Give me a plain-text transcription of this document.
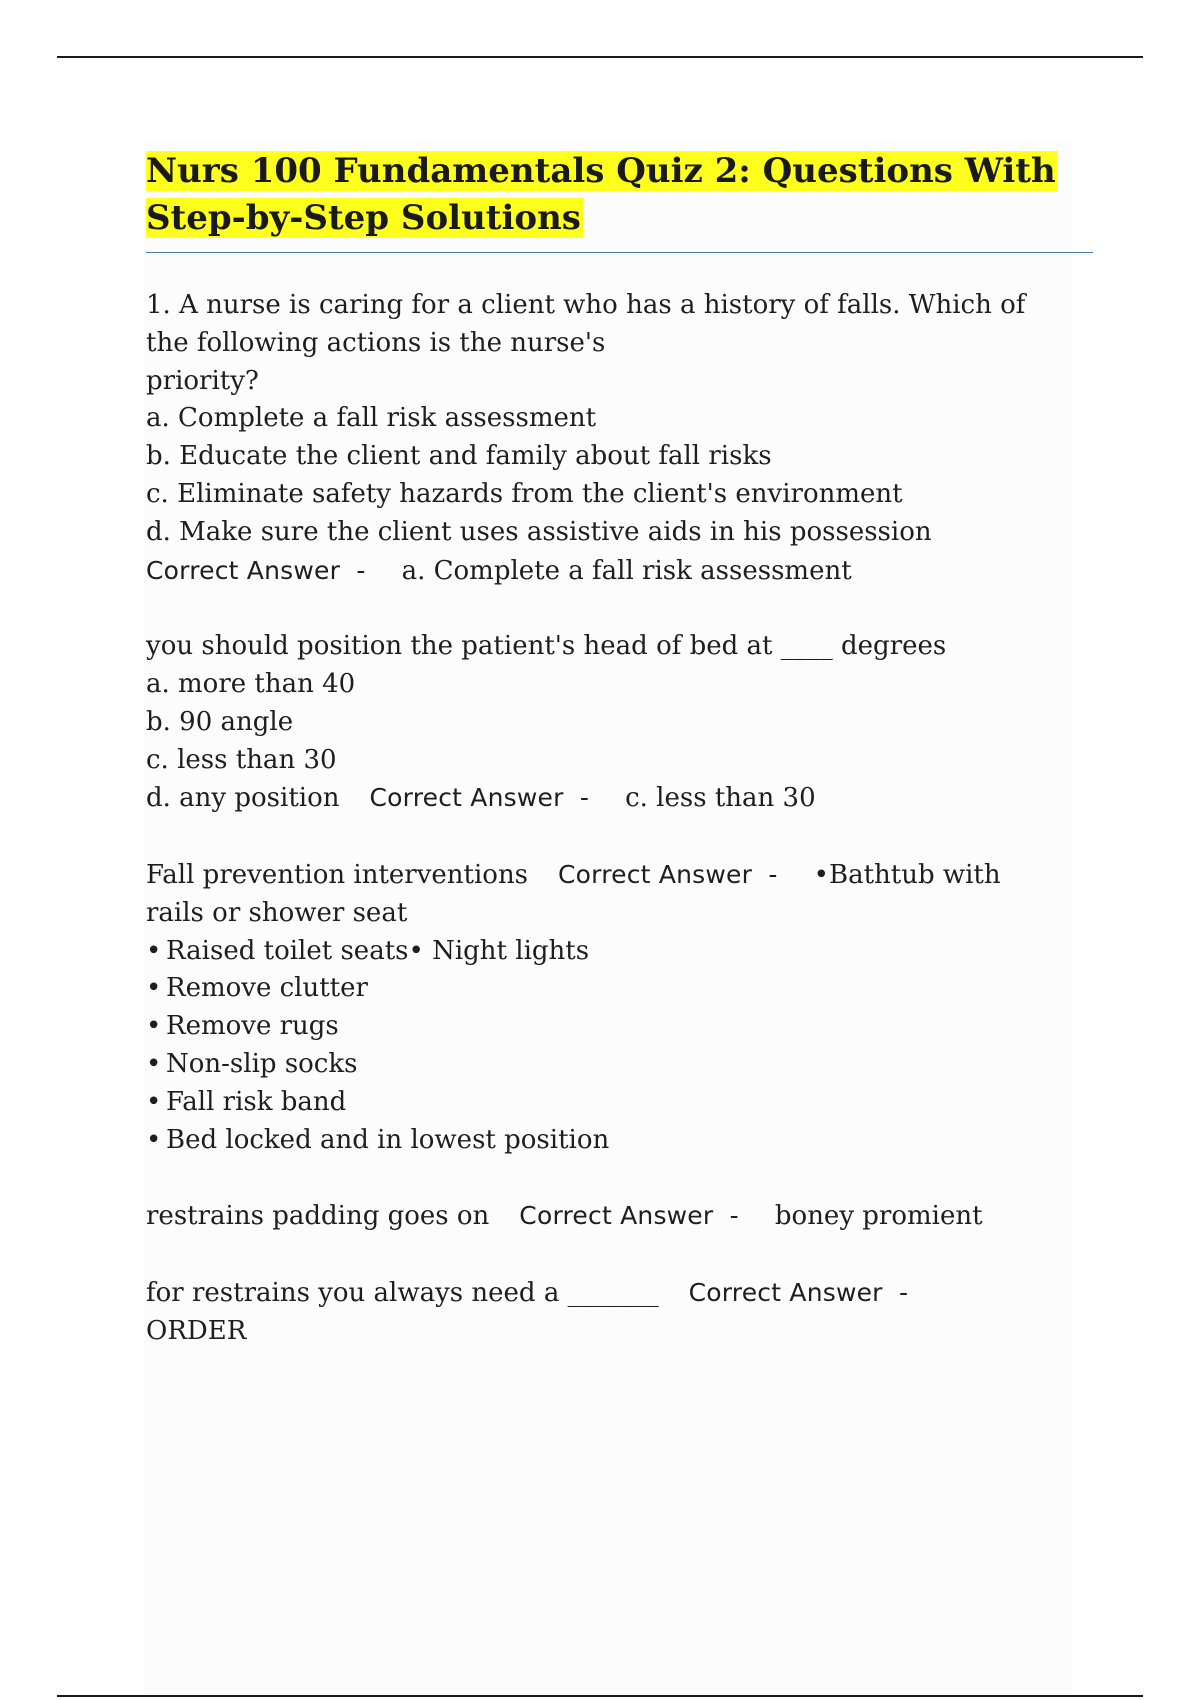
Nurs 100 Fundamentals Quiz 2: Questions With
Step-by-Step Solutions
1. A nurse is caring for a client who has a history of falls. Which of
the following actions is the nurse's
priority?
a. Complete a fall risk assessment
b. Educate the client and family about fall risks
c. Eliminate safety hazards from the client's environment
d. Make sure the client uses assistive aids in his possession
Correct Answer  - a. Complete a fall risk assessment
you should position the patient's head of bed at ____ degrees
a. more than 40
b. 90 angle
c. less than 30
d. any position Correct Answer  - c. less than 30
Fall prevention interventions Correct Answer  - •Bathtub with
rails or shower seat
• Raised toilet seats• Night lights
• Remove clutter
• Remove rugs
• Non-slip socks
• Fall risk band
• Bed locked and in lowest position
restrains padding goes on Correct Answer  - boney promient
for restrains you always need a _______ Correct Answer  -
ORDER
